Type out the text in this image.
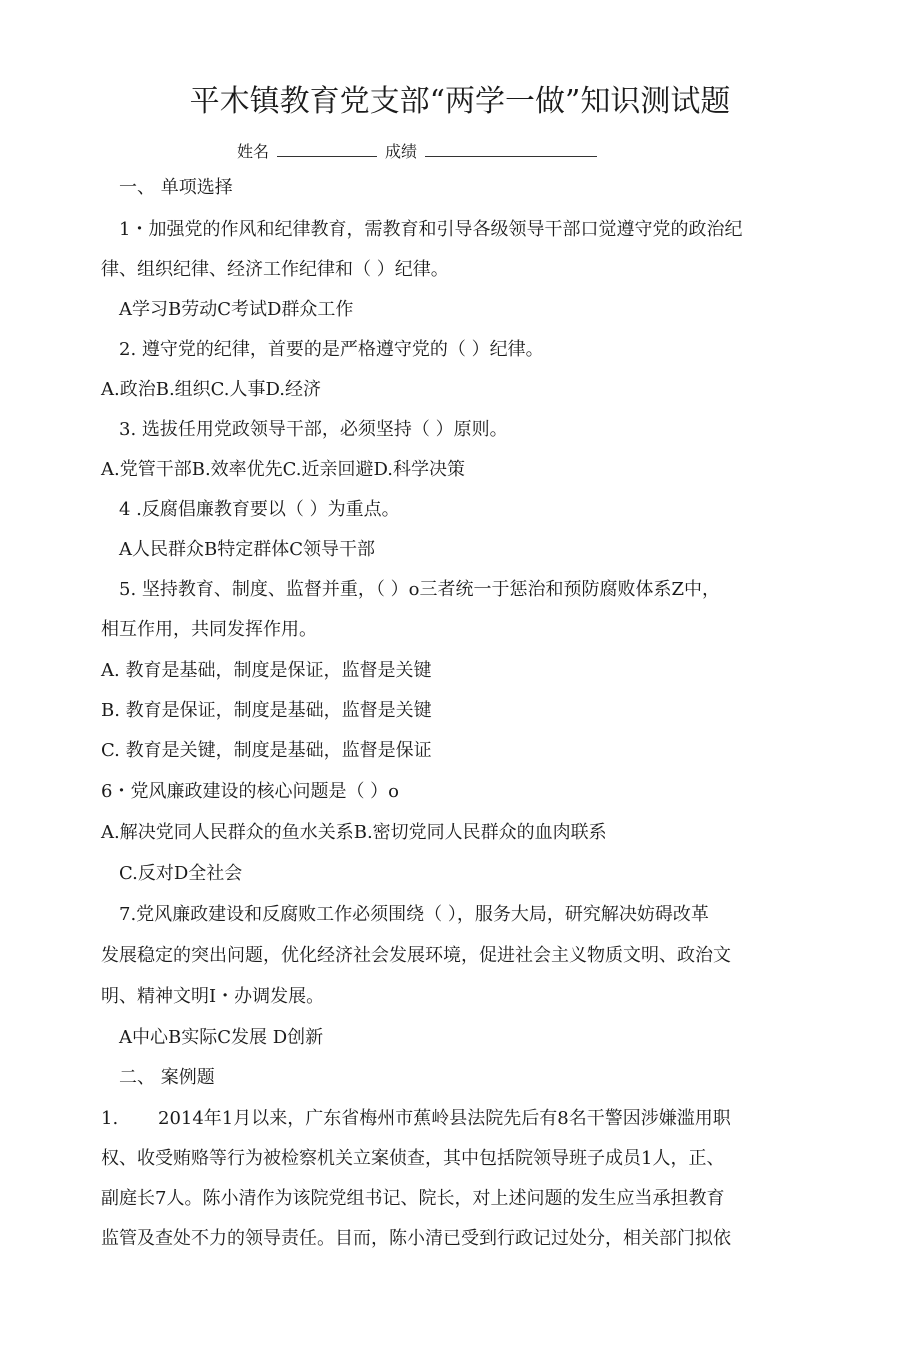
平木镇教育党支部“两学一做”知识测试题
姓名	成绩
一、 单项选择
1・加强党的作风和纪律教育，需教育和引导各级领导干部口觉遵守党的政治纪
律、组织纪律、经济工作纪律和（ ）纪律。
A学习B劳动C考试D群众工作
2. 遵守党的纪律，首要的是严格遵守党的（ ）纪律。
A.政治B.组织C.人事D.经济
3. 选拔任用党政领导干部，必须坚持（ ）原则。
A.党管干部B.效率优先C.近亲回避D.科学决策
4 .反腐倡廉教育要以（ ）为重点。
A人民群众B特定群体C领导干部
5. 坚持教育、制度、监督并重，（ ）o三者统一于惩治和预防腐败体系Z中，
相互作用，共同发挥作用。
A. 教育是基础，制度是保证，监督是关键
B. 教育是保证，制度是基础，监督是关键
C. 教育是关键，制度是基础，监督是保证
6・党风廉政建设的核心问题是（ ）o
A.解决党同人民群众的鱼水关系B.密切党同人民群众的血肉联系
C.反对D全社会
7.党风廉政建设和反腐败工作必须围绕（ ），服务大局，研究解决妨碍改革
发展稳定的突出问题，优化经济社会发展环境，促进社会主义物质文明、政治文
明、精神文明I・办调发展。
A中心B实际C发展 D创新
二、 案例题
1. 2014年1月以来，广东省梅州市蕉岭县法院先后有8名干警因涉嫌滥用职
权、收受贿赂等行为被检察机关立案侦查，其中包括院领导班子成员1人，正、
副庭长7人。陈小清作为该院党组书记、院长，对上述问题的发生应当承担教育
监管及查处不力的领导责任。目而，陈小清已受到行政记过处分，相关部门拟依
